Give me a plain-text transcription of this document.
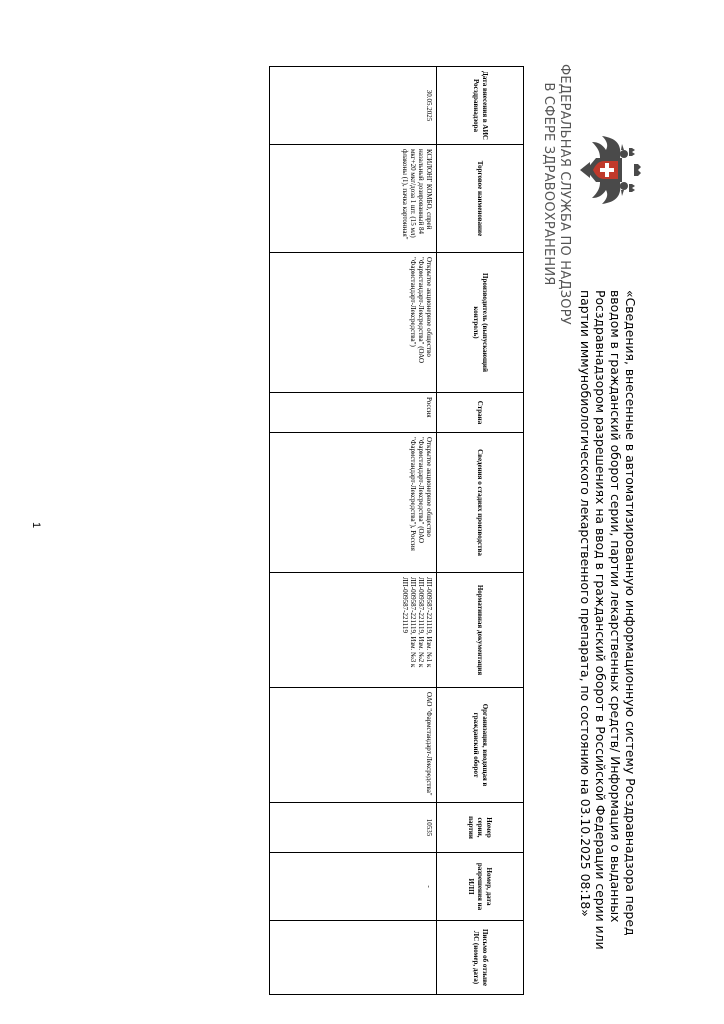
ФЕДЕРАЛЬНАЯ СЛУЖБА ПО НАДЗОРУ
В СФЕРЕ ЗДРАВООХРАНЕНИЯ

«Сведения, внесенные в автоматизированную информационную систему Росздравнадзора перед вводом в гражданский оборот серии, партии лекарственных средств/ Информация о выданных Росздравнадзором разрешениях на ввод в гражданский оборот в Российской Федерации серии или партии иммунобиологического лекарственного препарата, по состоянию на 03.10.2025 08:18»

Дата внесения в АИС Росздравнадзора	Торговое наименование	Производитель (выпускающий контроль)	Страна	Сведения о стадиях производства	Нормативная документация	Организация, вводящая в гражданский оборот	Номер серии, партии	Номер, дата разрешения на ИЛП	Письмо об отзыве ЛС (номер, дата)
30.05.2025	КСИЛОНГ КОМБО, спрей назальный дозированный 84 мкг+20 мкг/доза 1 шт. (15 мл) флаконы (1), пачка картонная"	Открытое акционерное общество "Фармстандарт-Лексредства" (ОАО "Фармстандарт-Лексредства")	Россия	Открытое акционерное общество "Фармстандарт-Лексредства" (ОАО "Фармстандарт-Лексредства"), Россия	ЛП-009587-221119, Изм. №1 к ЛП-009587-221119, Изм. №2 к ЛП-009587-221119, Изм. №3 к ЛП-009587-221119	ОАО "Фармстандарт-Лексредства"	10535	-	
1
